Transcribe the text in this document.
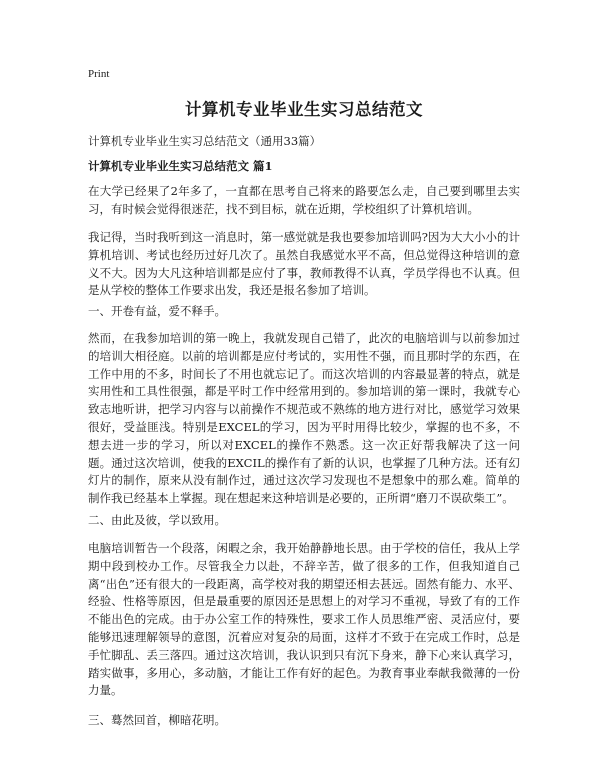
Print
计算机专业毕业生实习总结范文
计算机专业毕业生实习总结范文（通用33篇）
计算机专业毕业生实习总结范文 篇1

在大学已经果了2年多了，一直都在思考自己将来的路要怎么走，自己要到哪里去实习，有时候会觉得很迷茫，找不到目标，就在近期，学校组织了计算机培训。

我记得，当时我听到这一消息时，第一感觉就是我也要参加培训吗?因为大大小小的计算机培训、考试也经历过好几次了。虽然自我感觉水平不高，但总觉得这种培训的意义不大。因为大凡这种培训都是应付了事，教师教得不认真，学员学得也不认真。但是从学校的整体工作要求出发，我还是报名参加了培训。

一、开卷有益，爱不释手。

然而，在我参加培训的第一晚上，我就发现自己错了，此次的电脑培训与以前参加过的培训大相径庭。以前的培训都是应付考试的，实用性不强，而且那时学的东西，在工作中用的不多，时间长了不用也就忘记了。而这次培训的内容最显著的特点，就是实用性和工具性很强，都是平时工作中经常用到的。参加培训的第一课时，我就专心致志地听讲，把学习内容与以前操作不规范或不熟练的地方进行对比，感觉学习效果很好，受益匪浅。特别是EXCEL的学习，因为平时用得比较少，掌握的也不多，不想去进一步的学习，所以对EXCEL的操作不熟悉。这一次正好帮我解决了这一问题。通过这次培训，使我的EXCIL的操作有了新的认识，也掌握了几种方法。还有幻灯片的制作，原来从没有制作过，通过这次学习发现也不是想象中的那么难。简单的制作我已经基本上掌握。现在想起来这种培训是必要的，正所谓“磨刀不误砍柴工”。

二、由此及彼，学以致用。

电脑培训暂告一个段落，闲暇之余，我开始静静地长思。由于学校的信任，我从上学期中段到校办工作。尽管我全力以赴，不辞辛苦，做了很多的工作，但我知道自己离“出色”还有很大的一段距离，高学校对我的期望还相去甚远。固然有能力、水平、经验、性格等原因，但是最重要的原因还是思想上的对学习不重视，导致了有的工作不能出色的完成。由于办公室工作的特殊性，要求工作人员思维严密、灵活应付，要能够迅速理解领导的意图，沉着应对复杂的局面，这样才不致于在完成工作时，总是手忙脚乱、丢三落四。通过这次培训，我认识到只有沉下身来，静下心来认真学习，踏实做事，多用心，多动脑，才能让工作有好的起色。为教育事业奉献我微薄的一份力量。

三、蓦然回首，柳暗花明。
